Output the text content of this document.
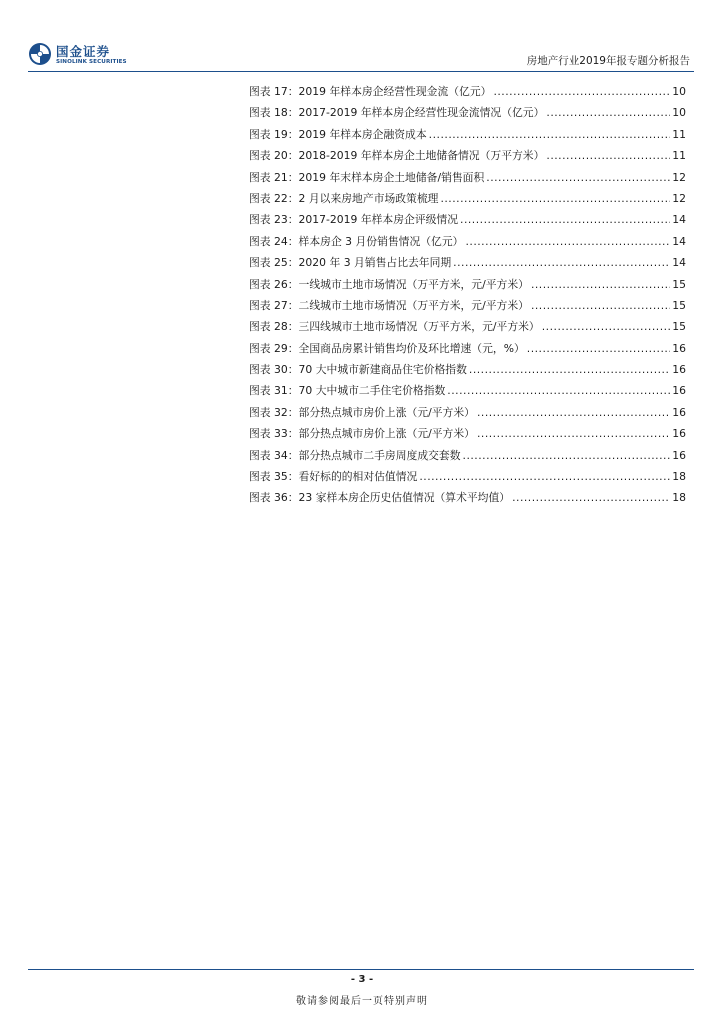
国金证券
SINOLINK SECURITIES	房地产行业2019年报专题分析报告
图表 17：2019 年样本房企经营性现金流（亿元） .....	10
图表 18：2017-2019 年样本房企经营性现金流情况（亿元） .....	10
图表 19：2019 年样本房企融资成本 .....	11
图表 20：2018-2019 年样本房企土地储备情况（万平方米） .....	11
图表 21：2019 年末样本房企土地储备/销售面积 .....	12
图表 22：2 月以来房地产市场政策梳理 .....	12
图表 23：2017-2019 年样本房企评级情况 .....	14
图表 24：样本房企 3 月份销售情况（亿元） .....	14
图表 25：2020 年 3 月销售占比去年同期 .....	14
图表 26：一线城市土地市场情况（万平方米，元/平方米） .....	15
图表 27：二线城市土地市场情况（万平方米，元/平方米） .....	15
图表 28：三四线城市土地市场情况（万平方米，元/平方米） .....	15
图表 29：全国商品房累计销售均价及环比增速（元，%） .....	16
图表 30：70 大中城市新建商品住宅价格指数 .....	16
图表 31：70 大中城市二手住宅价格指数 .....	16
图表 32：部分热点城市房价上涨（元/平方米） .....	16
图表 33：部分热点城市房价上涨（元/平方米） .....	16
图表 34：部分热点城市二手房周度成交套数 .....	16
图表 35：看好标的的相对估值情况 .....	18
图表 36：23 家样本房企历史估值情况（算术平均值） .....	18
- 3 -
敬请参阅最后一页特别声明
